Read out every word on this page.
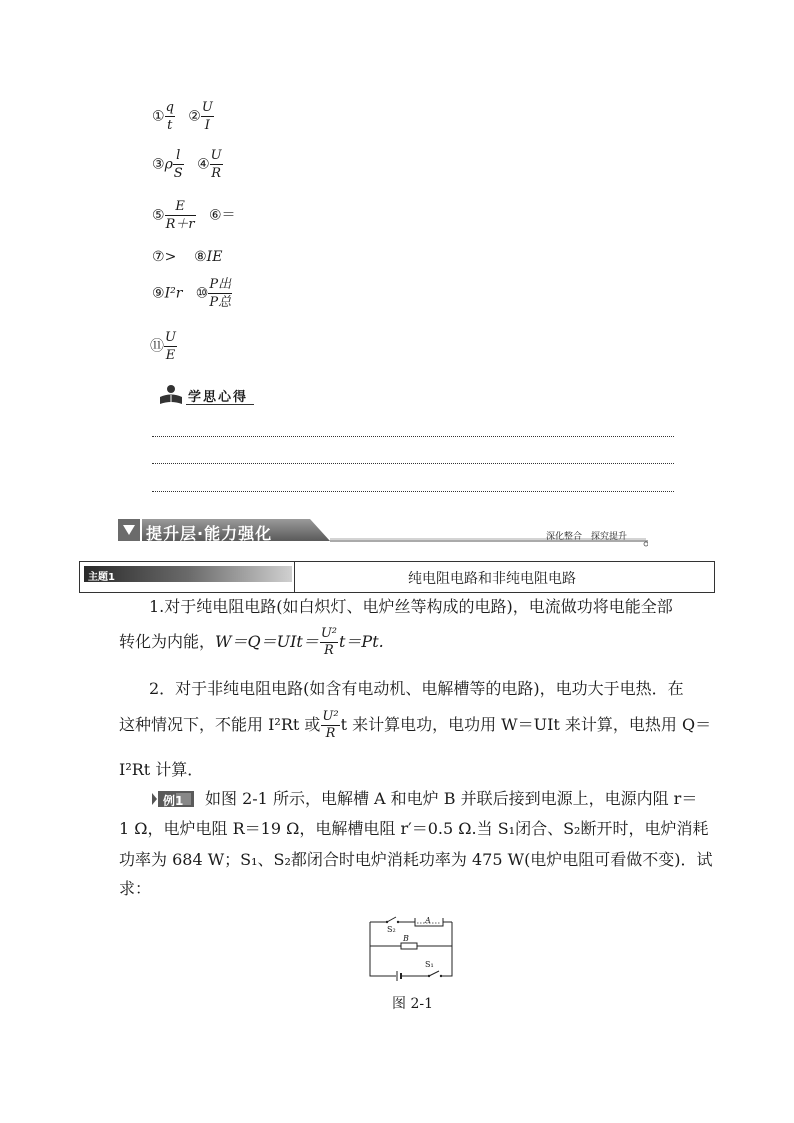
① $\frac{q}{t}$ ② $\frac{U}{I}$
③ρ $\frac{l}{S}$ ④ $\frac{U}{R}$
⑤ $\frac{E}{R+r}$ ⑥＝
⑦> ⑧IE
⑨I²r ⑩ $\frac{\text{P出}}{\text{P总}}$
⑪ $\frac{U}{E}$
学思心得
提升层·能力强化	深化整合　探究提升
主题1	纯电阻电路和非纯电阻电路
1.对于纯电阻电路(如白炽灯、电炉丝等构成的电路)，电流做功将电能全部
转化为内能，$W=Q=UIt= \frac{\text{U²}}{R} t=Pt$.
2．对于非纯电阻电路(如含有电动机、电解槽等的电路)，电功大于电热．在
这种情况下，不能用 I²Rt 或 $\frac{\text{U²}}{R}$ t 来计算电功，电功用 W＝UIt 来计算，电热用 Q＝
I²Rt 计算．
例1 如图 2-1 所示，电解槽 A 和电炉 B 并联后接到电源上，电源内阻 r＝
1 Ω，电炉电阻 R＝19 Ω，电解槽电阻 r′＝0.5 Ω.当 S₁闭合、S₂断开时，电炉消耗
功率为 684 W；S₁、S₂都闭合时电炉消耗功率为 475 W(电炉电阻可看做不变)．试
求：
S₂
A
B
S₁
图 2-1
